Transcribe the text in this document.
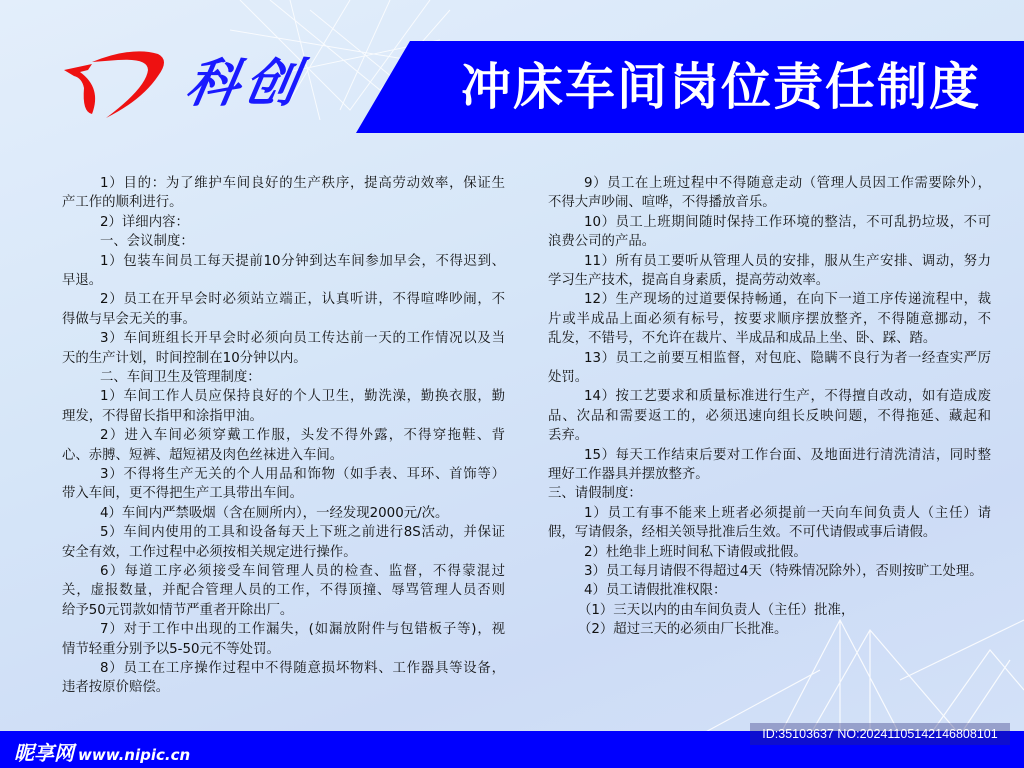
科创	冲床车间岗位责任制度
1）目的：为了维护车间良好的生产秩序，提高劳动效率，保证生
产工作的顺利进行。
2）详细内容：
一、会议制度：
1）包装车间员工每天提前10分钟到达车间参加早会，不得迟到、
早退。
2）员工在开早会时必须站立端正，认真听讲，不得喧哗吵闹，不
得做与早会无关的事。
3）车间班组长开早会时必须向员工传达前一天的工作情况以及当
天的生产计划，时间控制在10分钟以内。
二、车间卫生及管理制度：
1）车间工作人员应保持良好的个人卫生，勤洗澡，勤换衣服，勤
理发，不得留长指甲和涂指甲油。
2）进入车间必须穿戴工作服，头发不得外露，不得穿拖鞋、背
心、赤膊、短裤、超短裙及肉色丝袜进入车间。
3）不得将生产无关的个人用品和饰物（如手表、耳环、首饰等）
带入车间，更不得把生产工具带出车间。
4）车间内严禁吸烟（含在厕所内），一经发现2000元/次。
5）车间内使用的工具和设备每天上下班之前进行8S活动，并保证
安全有效，工作过程中必须按相关规定进行操作。
6）每道工序必须接受车间管理人员的检查、监督，不得蒙混过
关，虚报数量，并配合管理人员的工作，不得顶撞、辱骂管理人员否则
给予50元罚款如情节严重者开除出厂。
7）对于工作中出现的工作漏失，(如漏放附件与包错板子等)，视
情节轻重分别予以5-50元不等处罚。
8）员工在工序操作过程中不得随意损坏物料、工作器具等设备，
违者按原价赔偿。
9）员工在上班过程中不得随意走动（管理人员因工作需要除外），
不得大声吵闹、喧哗，不得播放音乐。
10）员工上班期间随时保持工作环境的整洁，不可乱扔垃圾，不可
浪费公司的产品。
11）所有员工要听从管理人员的安排，服从生产安排、调动，努力
学习生产技术，提高自身素质，提高劳动效率。
12）生产现场的过道要保持畅通，在向下一道工序传递流程中，裁
片或半成品上面必须有标号，按要求顺序摆放整齐，不得随意挪动，不
乱发，不错号，不允许在裁片、半成品和成品上坐、卧、踩、踏。
13）员工之前要互相监督，对包庇、隐瞒不良行为者一经查实严厉
处罚。
14）按工艺要求和质量标准进行生产，不得擅自改动，如有造成废
品、次品和需要返工的，必须迅速向组长反映问题，不得拖延、藏起和
丢弃。
15）每天工作结束后要对工作台面、及地面进行清洗清洁，同时整
理好工作器具并摆放整齐。
三、请假制度：
1）员工有事不能来上班者必须提前一天向车间负责人（主任）请
假，写请假条，经相关领导批准后生效。不可代请假或事后请假。
2）杜绝非上班时间私下请假或批假。
3）员工每月请假不得超过4天（特殊情况除外），否则按旷工处理。
4）员工请假批准权限：
（1）三天以内的由车间负责人（主任）批准，
（2）超过三天的必须由厂长批准。
昵享网 www.nipic.cn
ID:35103637 NO:20241105142146808101
